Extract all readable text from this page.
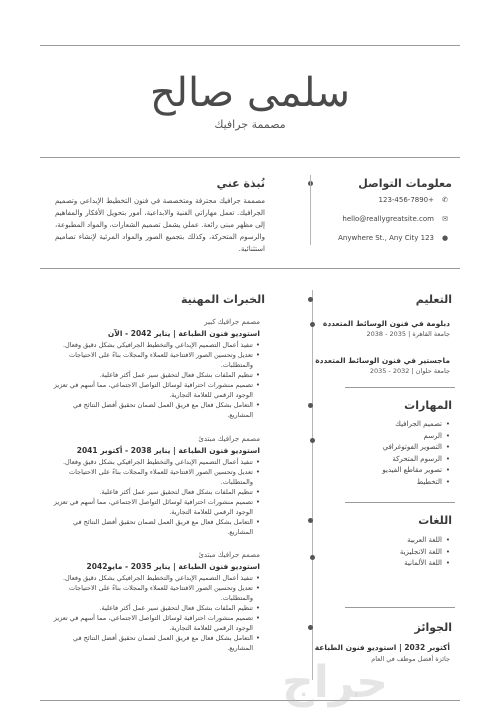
سلمى صالح
مصممة جرافيك
معلومات التواصل
✆
123-456-7890+
✉
hello@reallygreatsite.com
●
Anywhere St., Any City 123
نُبذة عني
مصممة جرافيك محترفة ومتخصصة في فنون التخطيط الإبداعي وتصميم الجرافيك. تعمل مهاراتي الفنية والابداعية، أمور بتحويل الأفكار والمفاهيم إلى مظهر مبنى رائعة. عملي يشمل تصميم الشعارات، والمواد المطبوعة، والرسوم المتحركة، وكذلك بتجميع الصور والمواد المرئية لإنشاء تصاميم استثنائية.
الخبرات المهنية
مصمم جرافيك كبير
استوديو فنون الطباعة | يناير 2042 - الآن
• تنفيذ أعمال التصميم الإبداعي والتخطيط الجرافيكي بشكل دقيق وفعال.
• تعديل وتحسين الصور الافتتاحية للعملاء والمجلات بناءً على الاحتياجات والمتطلبات.
• تنظيم الملفات بشكل فعال لتحقيق سير عمل أكثر فاعلية.
• تصميم منشورات احترافية لوسائل التواصل الاجتماعي، مما أسهم في تعزيز الوجود الرقمي للعلامة التجارية.
• التعامل بشكل فعال مع فريق العمل لضمان تحقيق أفضل النتائج في المشاريع.
مصمم جرافيك مبتدئ
استوديو فنون الطباعة | يناير 2038 - أكتوبر 2041
• تنفيذ أعمال التصميم الإبداعي والتخطيط الجرافيكي بشكل دقيق وفعال.
• تعديل وتحسين الصور الافتتاحية للعملاء والمجلات بناءً على الاحتياجات والمتطلبات.
• تنظيم الملفات بشكل فعال لتحقيق سير عمل أكثر فاعلية.
• تصميم منشورات احترافية لوسائل التواصل الاجتماعي، مما أسهم في تعزيز الوجود الرقمي للعلامة التجارية.
• التعامل بشكل فعال مع فريق العمل لضمان تحقيق أفضل النتائج في المشاريع.
مصمم جرافيك مبتدئ
استوديو فنون الطباعة | يناير 2035 - مايو2042
• تنفيذ أعمال التصميم الإبداعي والتخطيط الجرافيكي بشكل دقيق وفعال.
• تعديل وتحسين الصور الافتتاحية للعملاء والمجلات بناءً على الاحتياجات والمتطلبات.
• تنظيم الملفات بشكل فعال لتحقيق سير عمل أكثر فاعلية.
• تصميم منشورات احترافية لوسائل التواصل الاجتماعي، مما أسهم في تعزيز الوجود الرقمي للعلامة التجارية.
• التعامل بشكل فعال مع فريق العمل لضمان تحقيق أفضل النتائج في المشاريع.
التعليم
دبلومة في فنون الوسائط المتعددة
جامعة القاهرة | 2035 - 2038
ماجستير في فنون الوسائط المتعددة
جامعة حلوان | 2032 - 2035
المهارات
• تصميم الجرافيك
• الرسم
• التصوير الفوتوغرافي
• الرسوم المتحركة
• تصوير مقاطع الفيديو
• التخطيط
اللغات
• اللغة العربية
• اللغة الانجليزية
• اللغة الألمانية
الجوائز
أكتوبر 2032 | استوديو فنون الطباعة
جائزة أفضل موظف في العام
حراج
